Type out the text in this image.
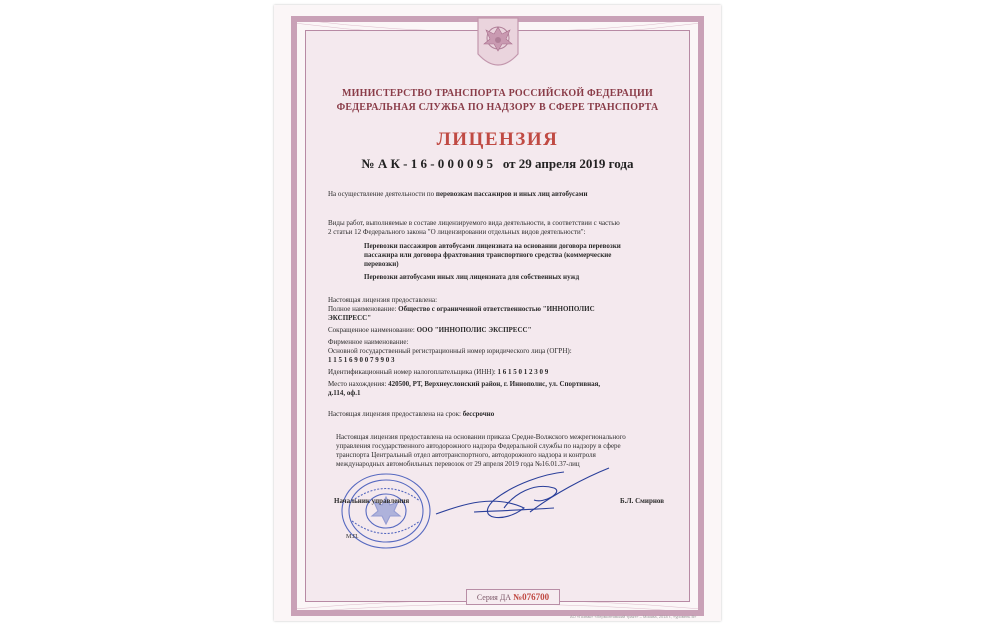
МИНИСТЕРСТВО ТРАНСПОРТА РОССИЙСКОЙ ФЕДЕРАЦИИ
ФЕДЕРАЛЬНАЯ СЛУЖБА ПО НАДЗОРУ В СФЕРЕ ТРАНСПОРТА
ЛИЦЕНЗИЯ
№ А К - 1 6 - 0 0 0 0 9 5 от 29 апреля 2019 года
На осуществление деятельности по перевозкам пассажиров и иных лиц автобусами
Виды работ, выполняемые в составе лицензируемого вида деятельности, в соответствии с частью
2 статьи 12 Федерального закона "О лицензировании отдельных видов деятельности":
Перевозки пассажиров автобусами лицензиата на основании договора перевозки
пассажира или договора фрахтования транспортного средства (коммерческие
перевозки)
Перевозки автобусами иных лиц лицензиата для собственных нужд
Настоящая лицензия предоставлена:
Полное наименование: Общество с ограниченной ответственностью "ИННОПОЛИС
ЭКСПРЕСС"
Сокращенное наименование: ООО "ИННОПОЛИС ЭКСПРЕСС"
Фирменное наименование:
Основной государственный регистрационный номер юридического лица (ОГРН):
1 1 5 1 6 9 0 0 7 9 9 0 3
Идентификационный номер налогоплательщика (ИНН): 1 6 1 5 0 1 2 3 0 9
Место нахождения: 420500, РТ, Верхнеуслонский район, г. Иннополис, ул. Спортивная,
д.114, оф.1
Настоящая лицензия предоставлена на срок: бессрочно
Настоящая лицензия предоставлена на основании приказа Средне-Волжского межрегионального
управления государственного автодорожного надзора Федеральной службы по надзору в сфере
транспорта Центральный отдел автотранспортного, автодорожного надзора и контроля
международных автомобильных перевозок от 29 апреля 2019 года №16.01.37-лиц
Начальник управления	Б.Л. Смирнов
М.П.
Серия ДА №076700
АО «Гознак» «Лермонтовский тракт» – Москва, 2018 г., «уровень В»
